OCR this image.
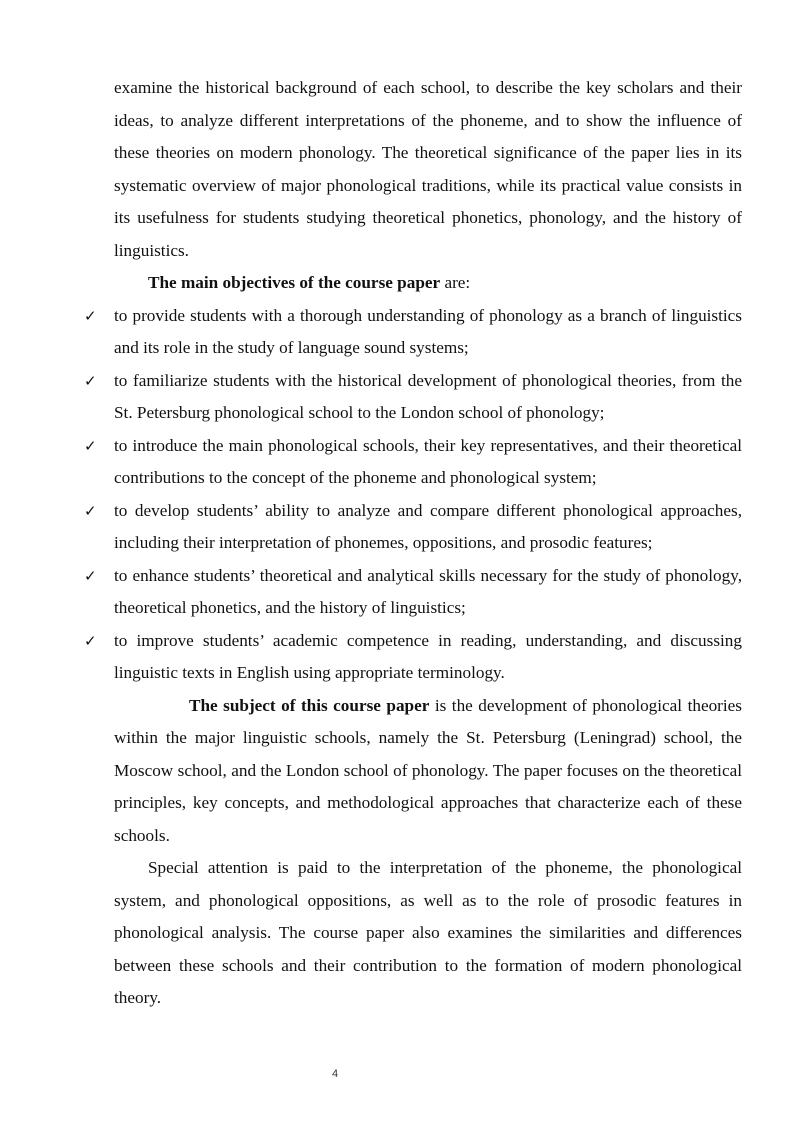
examine the historical background of each school, to describe the key scholars and their ideas, to analyze different interpretations of the phoneme, and to show the influence of these theories on modern phonology. The theoretical significance of the paper lies in its systematic overview of major phonological traditions, while its practical value consists in its usefulness for students studying theoretical phonetics, phonology, and the history of linguistics.

The main objectives of the course paper are:

✓ to provide students with a thorough understanding of phonology as a branch of linguistics and its role in the study of language sound systems;
✓ to familiarize students with the historical development of phonological theories, from the St. Petersburg phonological school to the London school of phonology;
✓ to introduce the main phonological schools, their key representatives, and their theoretical contributions to the concept of the phoneme and phonological system;
✓ to develop students’ ability to analyze and compare different phonological approaches, including their interpretation of phonemes, oppositions, and prosodic features;
✓ to enhance students’ theoretical and analytical skills necessary for the study of phonology, theoretical phonetics, and the history of linguistics;
✓ to improve students’ academic competence in reading, understanding, and discussing linguistic texts in English using appropriate terminology.

The subject of this course paper is the development of phonological theories within the major linguistic schools, namely the St. Petersburg (Leningrad) school, the Moscow school, and the London school of phonology. The paper focuses on the theoretical principles, key concepts, and methodological approaches that characterize each of these schools.

Special attention is paid to the interpretation of the phoneme, the phonological system, and phonological oppositions, as well as to the role of prosodic features in phonological analysis. The course paper also examines the similarities and differences between these schools and their contribution to the formation of modern phonological theory.

4
